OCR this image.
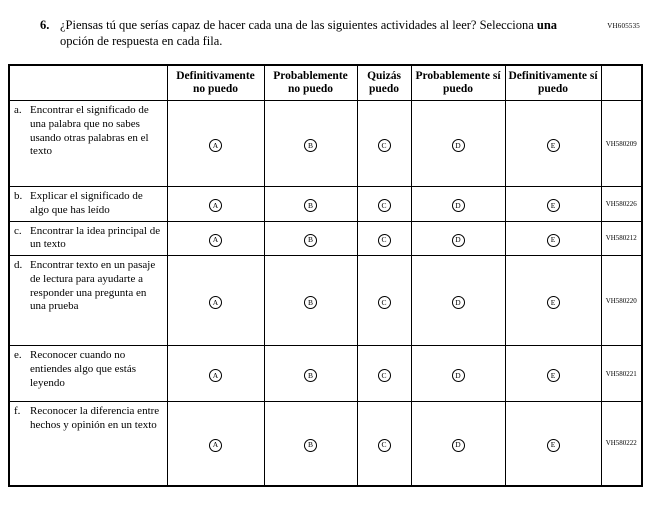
VH605535
6. ¿Piensas tú que serías capaz de hacer cada una de las siguientes actividades al leer? Selecciona una opción de respuesta en cada fila.
	Definitivamente no puedo	Probablemente no puedo	Quizás puedo	Probablemente sí puedo	Definitivamente sí puedo	
a. Encontrar el significado de una palabra que no sabes usando otras palabras en el texto	A	B	C	D	E	VH580209
b. Explicar el significado de algo que has leído	A	B	C	D	E	VH580226
c. Encontrar la idea principal de un texto	A	B	C	D	E	VH580212
d. Encontrar texto en un pasaje de lectura para ayudarte a responder una pregunta en una prueba	A	B	C	D	E	VH580220
e. Reconocer cuando no entiendes algo que estás leyendo	A	B	C	D	E	VH580221
f. Reconocer la diferencia entre hechos y opinión en un texto	A	B	C	D	E	VH580222
